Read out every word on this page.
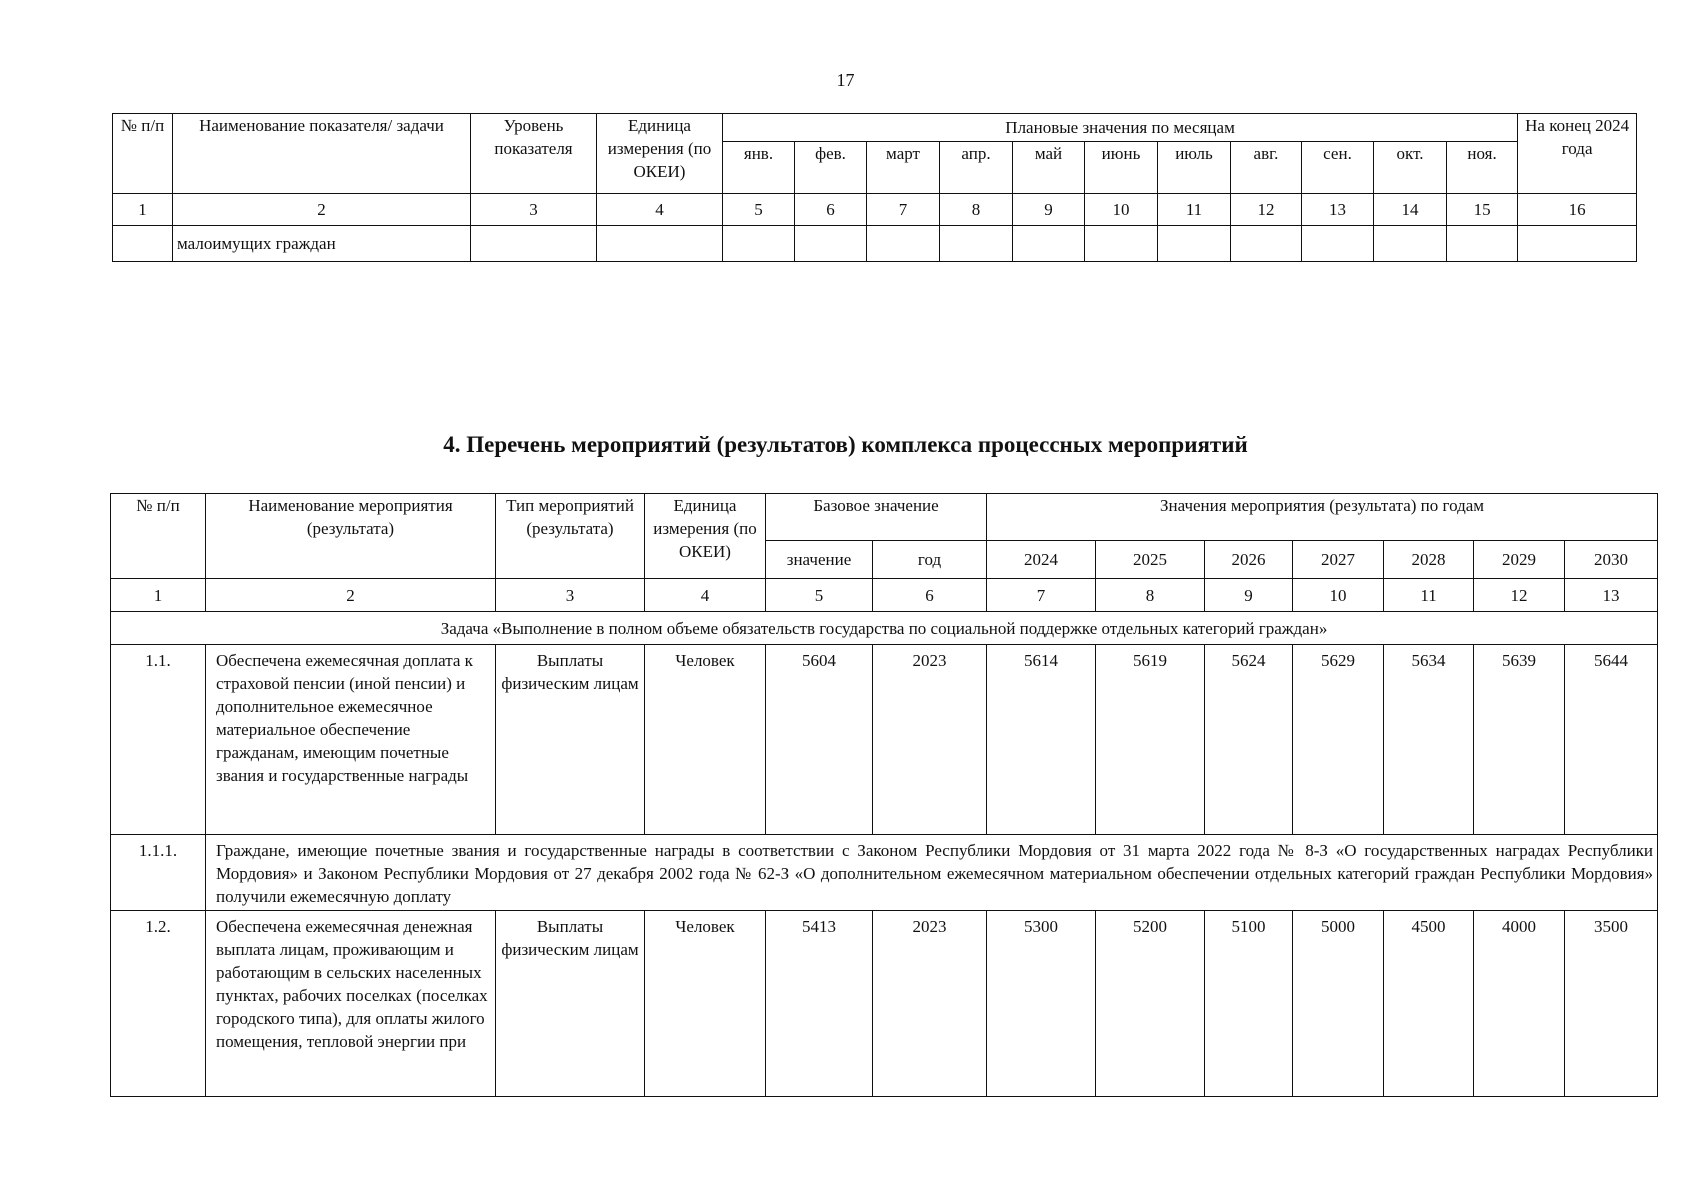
17
№ п/п	Наименование показателя/ задачи	Уровень показателя	Единица измерения (по ОКЕИ)	Плановые значения по месяцам											На конец 2024 года
				янв.	фев.	март	апр.	май	июнь	июль	авг.	сен.	окт.	ноя.	
1	2	3	4	5	6	7	8	9	10	11	12	13	14	15	16
	малоимущих граждан														
4. Перечень мероприятий (результатов) комплекса процессных мероприятий
№ п/п	Наименование мероприятия (результата)	Тип мероприятий (результата)	Единица измерения (по ОКЕИ)	Базовое значение		Значения мероприятия (результата) по годам						
				значение	год	2024	2025	2026	2027	2028	2029	2030
1	2	3	4	5	6	7	8	9	10	11	12	13
Задача «Выполнение в полном объеме обязательств государства по социальной поддержке отдельных категорий граждан»												
1.1.	Обеспечена ежемесячная доплата к страховой пенсии (иной пенсии) и дополнительное ежемесячное материальное обеспечение гражданам, имеющим почетные звания и государственные награды	Выплаты физическим лицам	Человек	5604	2023	5614	5619	5624	5629	5634	5639	5644
1.1.1.	Граждане, имеющие почетные звания и государственные награды в соответствии с Законом Республики Мордовия от 31 марта 2022 года № 8-З «О государственных наградах Республики Мордовия» и Законом Республики Мордовия от 27 декабря 2002 года № 62-З «О дополнительном ежемесячном материальном обеспечении отдельных категорий граждан Республики Мордовия» получили ежемесячную доплату											
1.2.	Обеспечена ежемесячная денежная выплата лицам, проживающим и работающим в сельских населенных пунктах, рабочих поселках (поселках городского типа), для оплаты жилого помещения, тепловой энергии при	Выплаты физическим лицам	Человек	5413	2023	5300	5200	5100	5000	4500	4000	3500
